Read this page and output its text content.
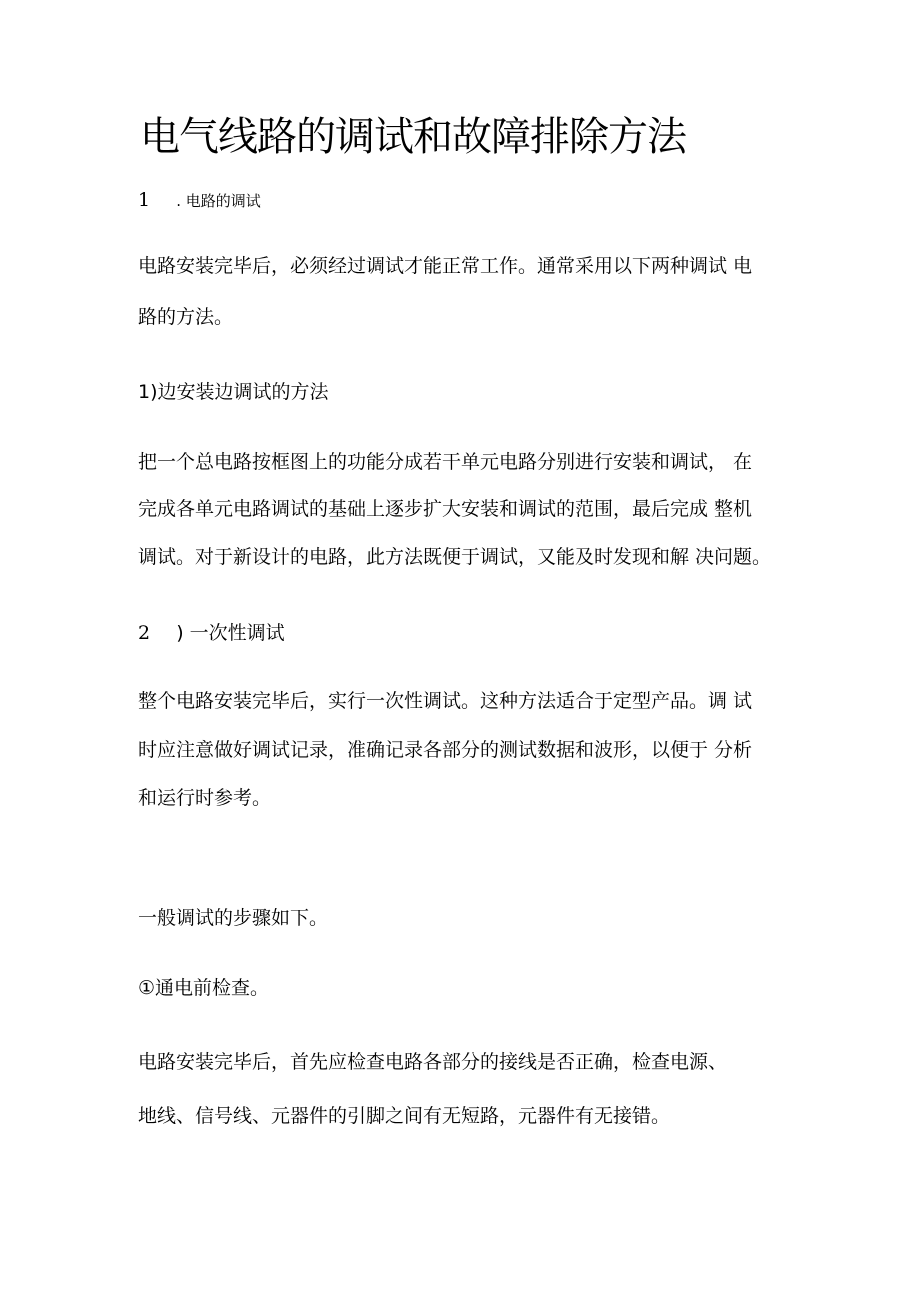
电气线路的调试和故障排除方法
1 . 电路的调试
电路安装完毕后，必须经过调试才能正常工作。通常采用以下两种调试 电
路的方法。
1)边安装边调试的方法
把一个总电路按框图上的功能分成若干单元电路分别进行安装和调试， 在
完成各单元电路调试的基础上逐步扩大安装和调试的范围，最后完成 整机
调试。对于新设计的电路，此方法既便于调试，又能及时发现和解 决问题。
2 ) 一次性调试
整个电路安装完毕后，实行一次性调试。这种方法适合于定型产品。调 试
时应注意做好调试记录，准确记录各部分的测试数据和波形，以便于 分析
和运行时参考。
一般调试的步骤如下。
①通电前检查。
电路安装完毕后，首先应检查电路各部分的接线是否正确，检查电源、
地线、信号线、元器件的引脚之间有无短路，元器件有无接错。
